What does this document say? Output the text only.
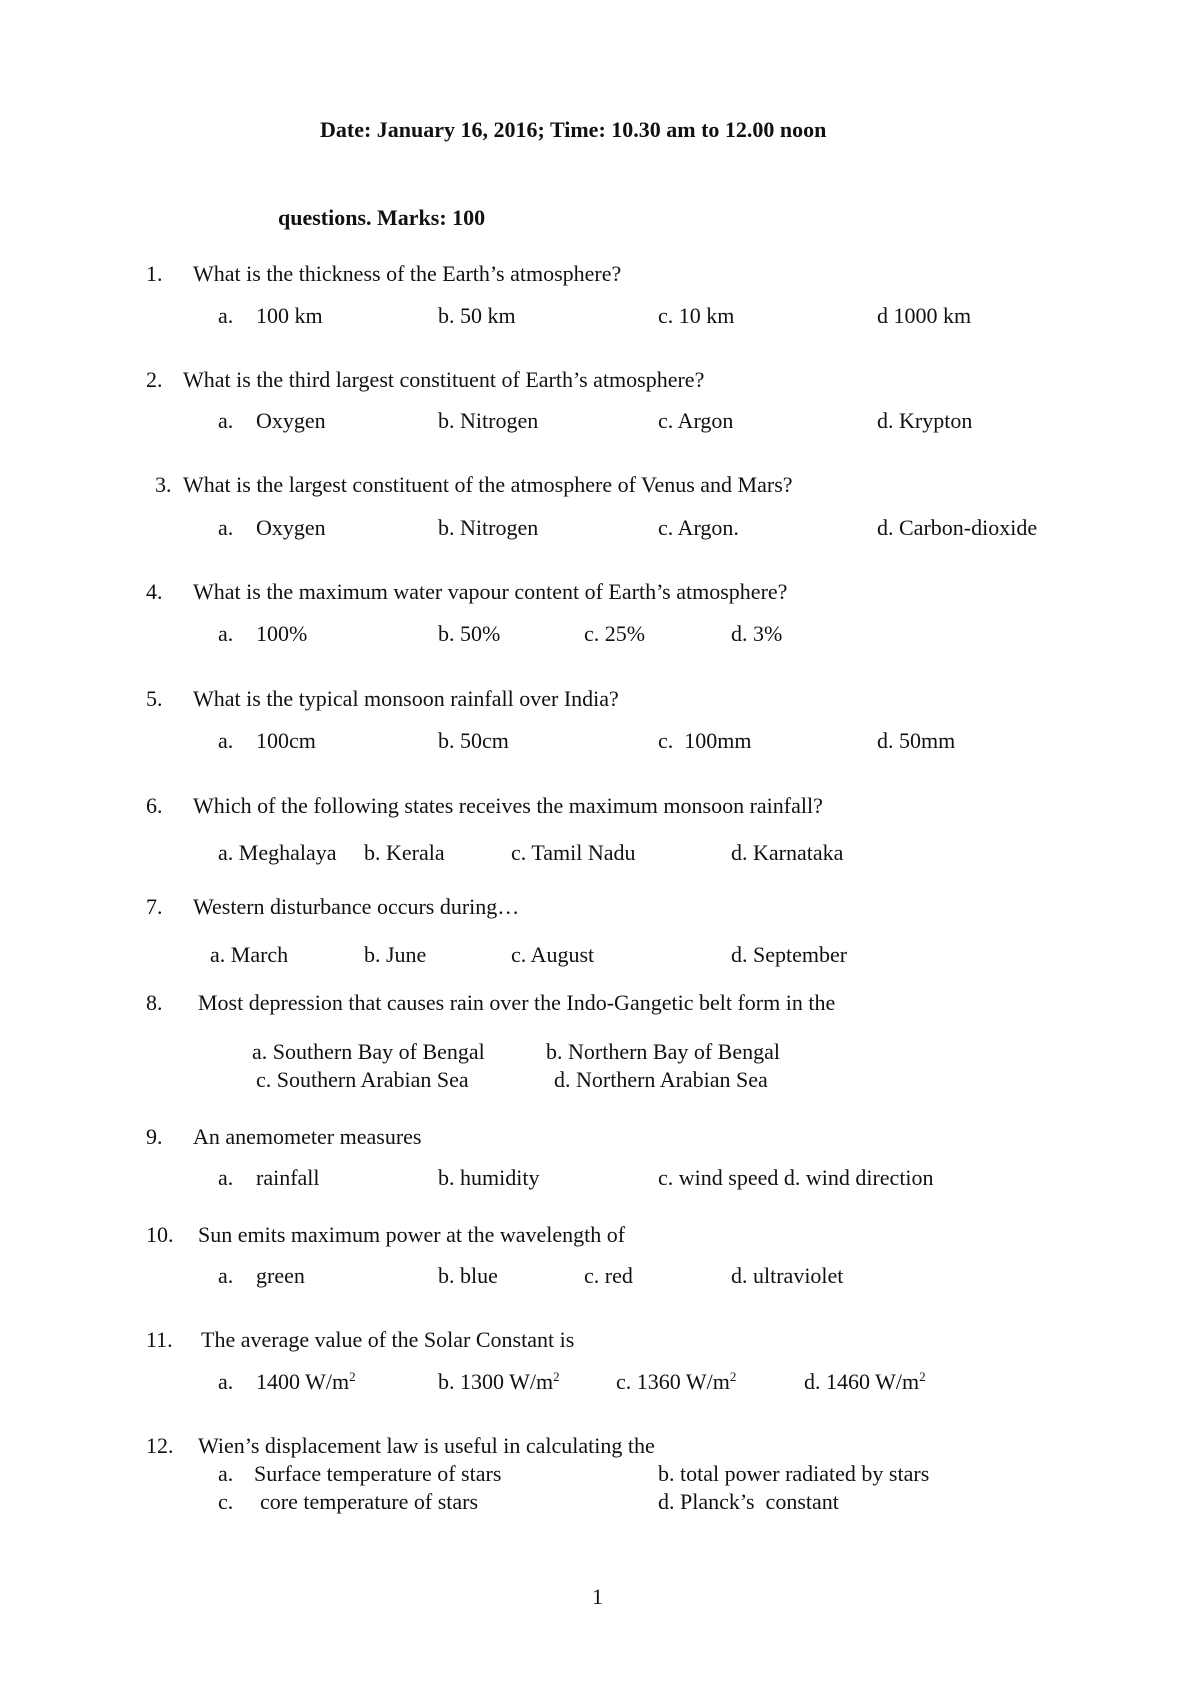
Date: January 16, 2016; Time: 10.30 am to 12.00 noon
questions. Marks: 100
1. What is the thickness of the Earth’s atmosphere?
a. 100 km	b. 50 km	c. 10 km	d 1000 km
2. What is the third largest constituent of Earth’s atmosphere?
a. Oxygen	b. Nitrogen	c. Argon	d. Krypton
3. What is the largest constituent of the atmosphere of Venus and Mars?
a. Oxygen	b. Nitrogen	c. Argon.	d. Carbon-dioxide
4. What is the maximum water vapour content of Earth’s atmosphere?
a. 100%	b. 50%	c. 25%	d. 3%
5. What is the typical monsoon rainfall over India?
a. 100cm	b. 50cm	c.  100mm	d. 50mm
6. Which of the following states receives the maximum monsoon rainfall?
a. Meghalaya b. Kerala	c. Tamil Nadu	d. Karnataka
7. Western disturbance occurs during…
a. March	b. June	c. August	d. September
8. Most depression that causes rain over the Indo-Gangetic belt form in the
a. Southern Bay of Bengal	b. Northern Bay of Bengal
c. Southern Arabian Sea	d. Northern Arabian Sea
9. An anemometer measures
a. rainfall	b. humidity	c. wind speed d. wind direction
10. Sun emits maximum power at the wavelength of
a. green	b. blue	c. red	d. ultraviolet
11. The average value of the Solar Constant is
a. 1400 $W/m^2$	b. 1300 $W/m^2$	c. 1360 $W/m^2$	d. 1460 $W/m^2$
12. Wien’s displacement law is useful in calculating the
a. Surface temperature of stars	b. total power radiated by stars
c. core temperature of stars	d. Planck’s  constant
1
